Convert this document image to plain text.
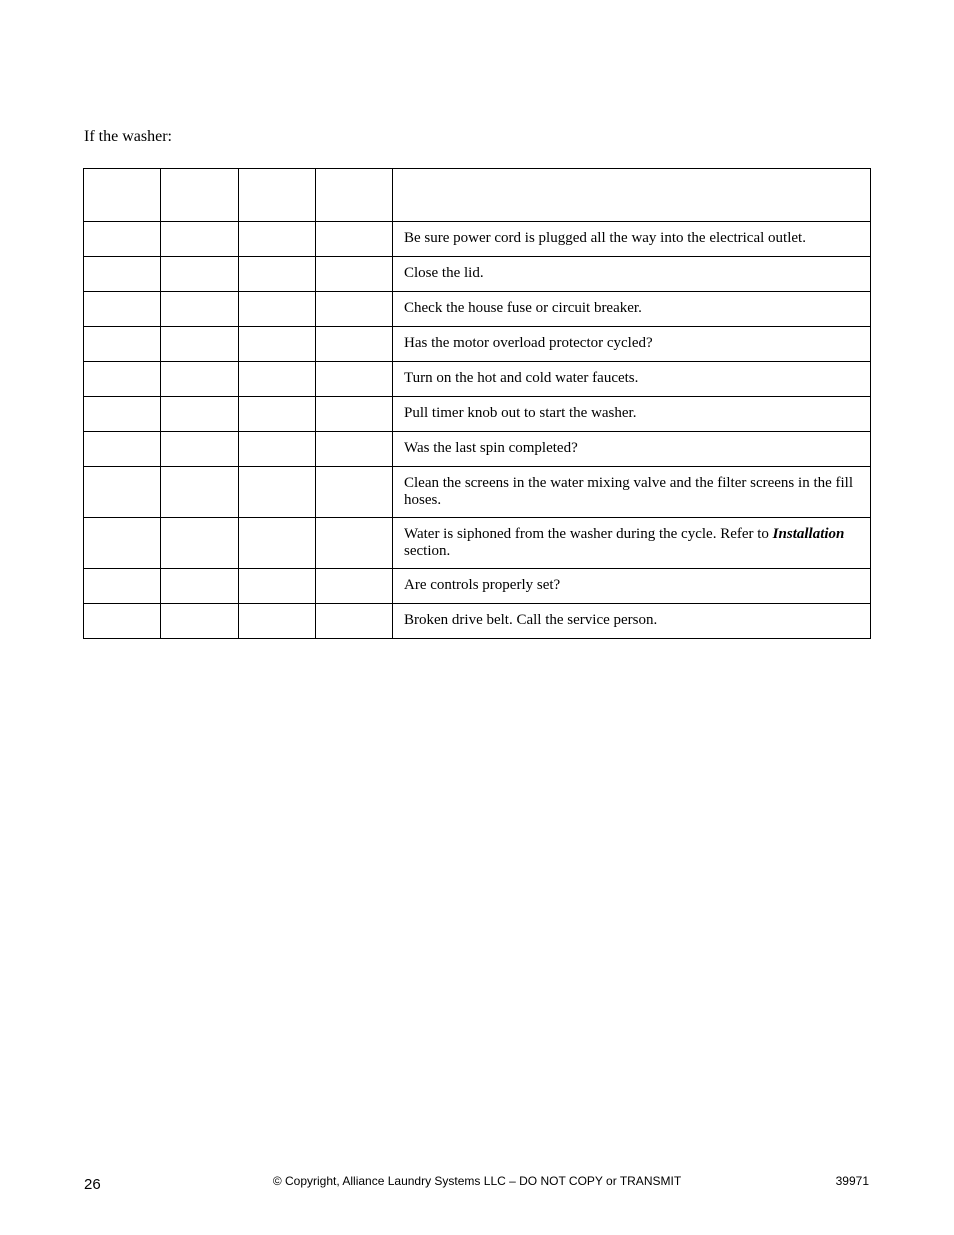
If the washer:

				Be sure power cord is plugged all the way into the electrical outlet.
				Close the lid.
				Check the house fuse or circuit breaker.
				Has the motor overload protector cycled?
				Turn on the hot and cold water faucets.
				Pull timer knob out to start the washer.
				Was the last spin completed?
				Clean the screens in the water mixing valve and the filter screens in the fill hoses.
				Water is siphoned from the washer during the cycle. Refer to Installation section.
				Are controls properly set?
				Broken drive belt. Call the service person.
26	© Copyright, Alliance Laundry Systems LLC – DO NOT COPY or TRANSMIT	39971
